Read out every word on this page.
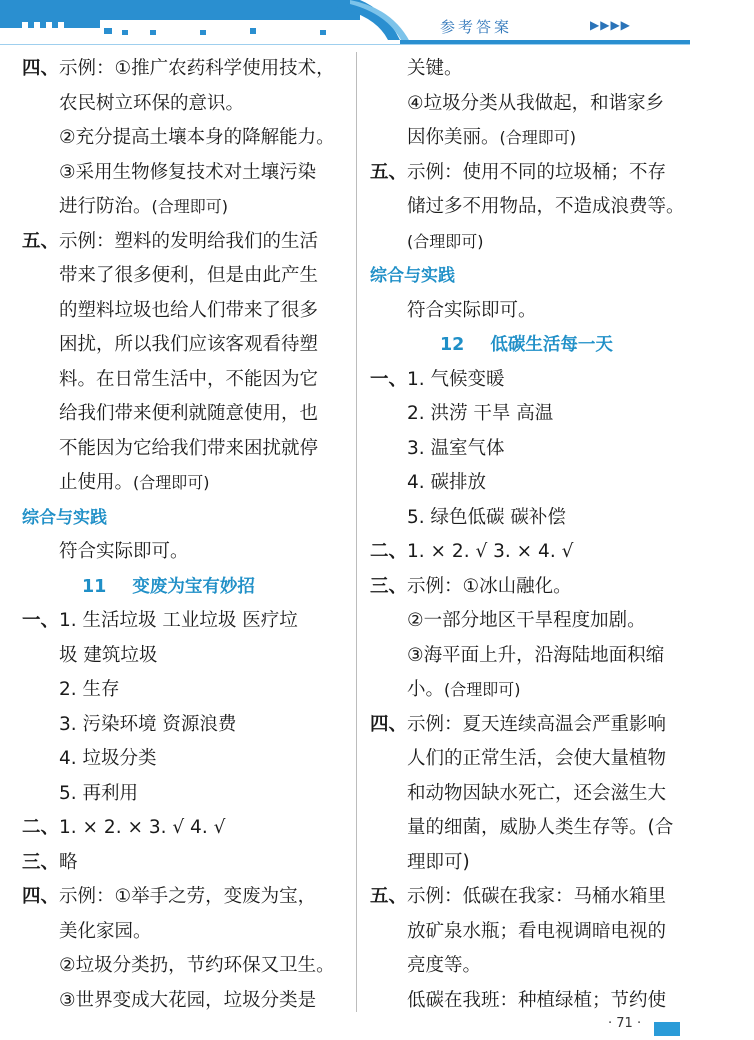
参考答案	▶▶▶▶
四、示例：①推广农药科学使用技术，
农民树立环保的意识。
②充分提高土壤本身的降解能力。
③采用生物修复技术对土壤污染
进行防治。(合理即可)
五、示例：塑料的发明给我们的生活
带来了很多便利，但是由此产生
的塑料垃圾也给人们带来了很多
困扰，所以我们应该客观看待塑
料。在日常生活中，不能因为它
给我们带来便利就随意使用，也
不能因为它给我们带来困扰就停
止使用。(合理即可)
综合与实践
符合实际即可。
11 变废为宝有妙招
一、1. 生活垃圾 工业垃圾 医疗垃
圾 建筑垃圾
2. 生存
3. 污染环境 资源浪费
4. 垃圾分类
5. 再利用
二、1. × 2. × 3. √ 4. √
三、略
四、示例：①举手之劳，变废为宝，
美化家园。
②垃圾分类扔，节约环保又卫生。
③世界变成大花园，垃圾分类是
关键。
④垃圾分类从我做起，和谐家乡
因你美丽。(合理即可)
五、示例：使用不同的垃圾桶；不存
储过多不用物品，不造成浪费等。
(合理即可)
综合与实践
符合实际即可。
12 低碳生活每一天
一、1. 气候变暖
2. 洪涝 干旱 高温
3. 温室气体
4. 碳排放
5. 绿色低碳 碳补偿
二、1. × 2. √ 3. × 4. √
三、示例：①冰山融化。
②一部分地区干旱程度加剧。
③海平面上升，沿海陆地面积缩
小。(合理即可)
四、示例：夏天连续高温会严重影响
人们的正常生活，会使大量植物
和动物因缺水死亡，还会滋生大
量的细菌，威胁人类生存等。(合
理即可)
五、示例：低碳在我家：马桶水箱里
放矿泉水瓶；看电视调暗电视的
亮度等。
低碳在我班：种植绿植；节约使
· 71 ·
